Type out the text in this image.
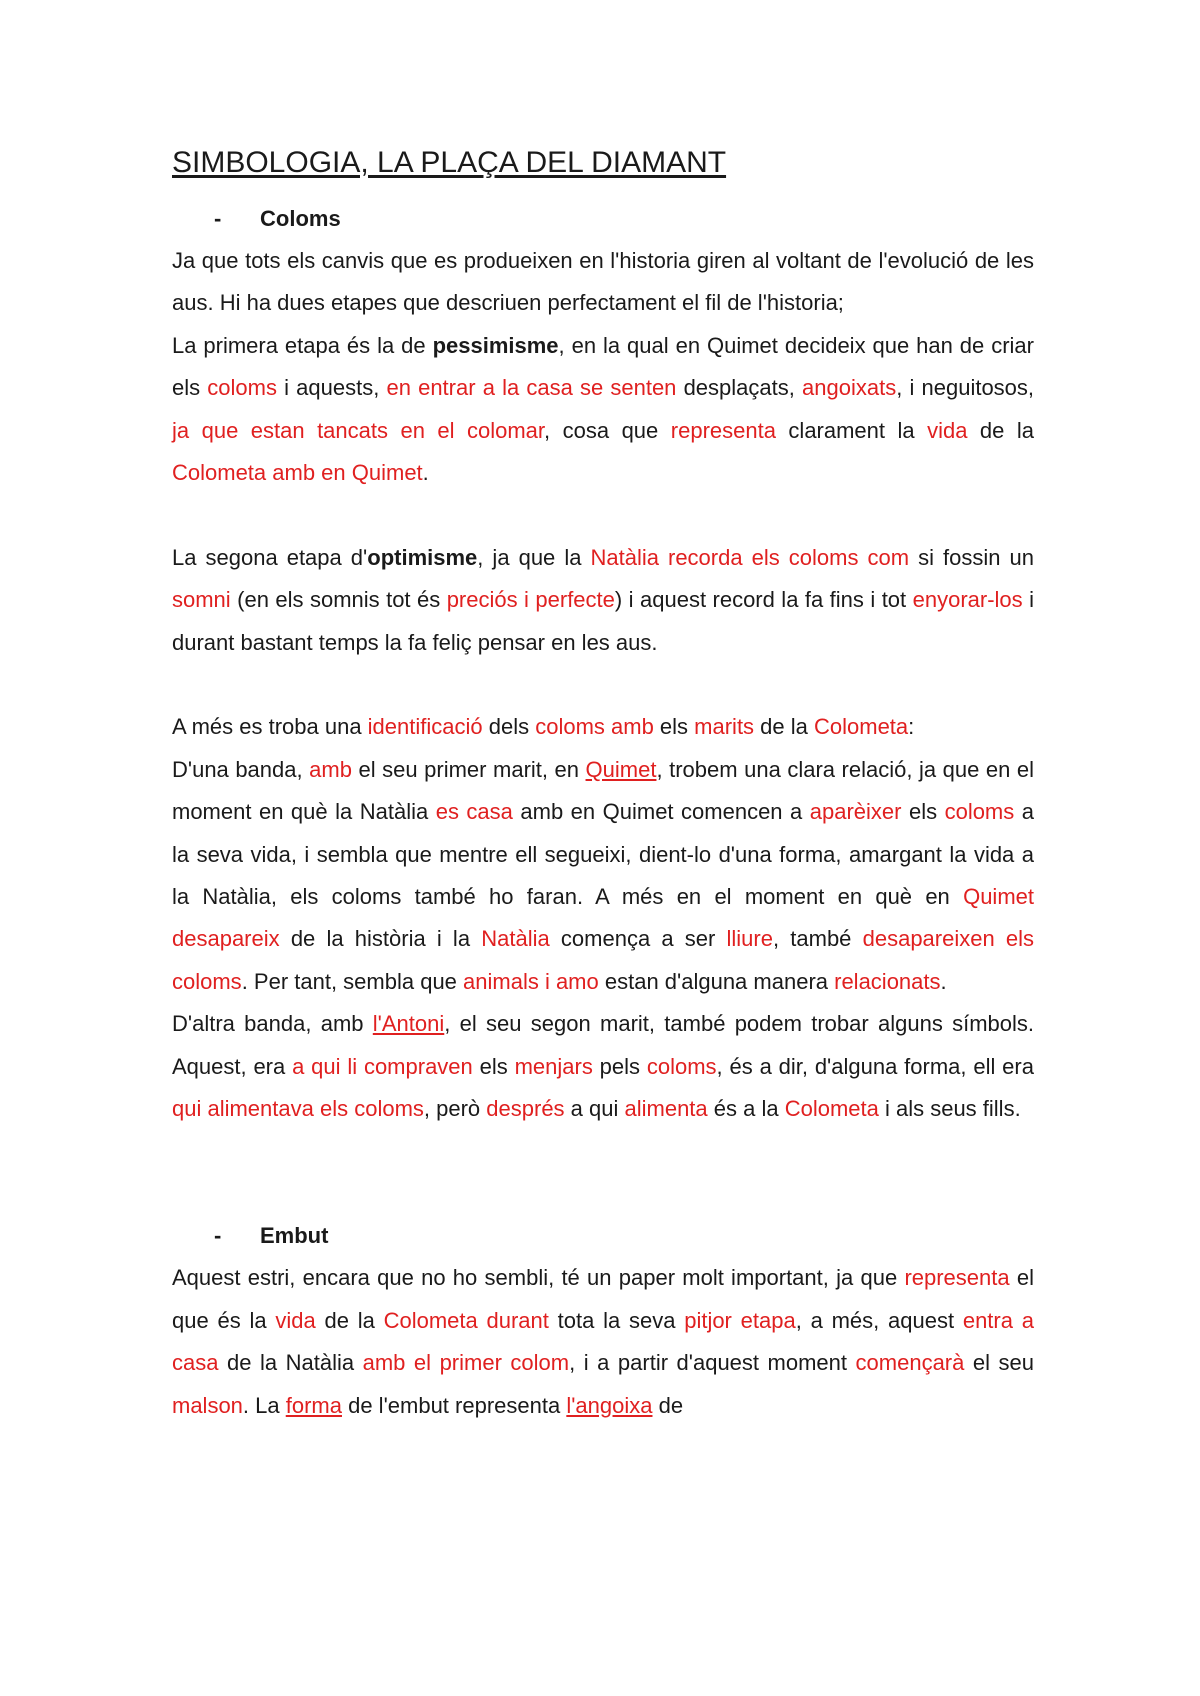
SIMBOLOGIA, LA PLAÇA DEL DIAMANT
- Coloms

Ja que tots els canvis que es produeixen en l'historia giren al voltant de l'evolució de les aus. Hi ha dues etapes que descriuen perfectament el fil de l'historia;

La primera etapa és la de pessimisme, en la qual en Quimet decideix que han de criar els coloms i aquests, en entrar a la casa se senten desplaçats, angoixats, i neguitosos, ja que estan tancats en el colomar, cosa que representa clarament la vida de la Colometa amb en Quimet.

La segona etapa d'optimisme, ja que la Natàlia recorda els coloms com si fossin un somni (en els somnis tot és preciós i perfecte) i aquest record la fa fins i tot enyorar-los i durant bastant temps la fa feliç pensar en les aus.

A més es troba una identificació dels coloms amb els marits de la Colometa:

D'una banda, amb el seu primer marit, en Quimet, trobem una clara relació, ja que en el moment en què la Natàlia es casa amb en Quimet comencen a aparèixer els coloms a la seva vida, i sembla que mentre ell segueixi, dient-lo d'una forma, amargant la vida a la Natàlia, els coloms també ho faran. A més en el moment en què en Quimet desapareix de la història i la Natàlia comença a ser lliure, també desapareixen els coloms. Per tant, sembla que animals i amo estan d'alguna manera relacionats.

D'altra banda, amb l'Antoni, el seu segon marit, també podem trobar alguns símbols. Aquest, era a qui li compraven els menjars pels coloms, és a dir, d'alguna forma, ell era qui alimentava els coloms, però després a qui alimenta és a la Colometa i als seus fills.

- Embut

Aquest estri, encara que no ho sembli, té un paper molt important, ja que representa el que és la vida de la Colometa durant tota la seva pitjor etapa, a més, aquest entra a casa de la Natàlia amb el primer colom, i a partir d'aquest moment començarà el seu malson. La forma de l'embut representa l'angoixa de
